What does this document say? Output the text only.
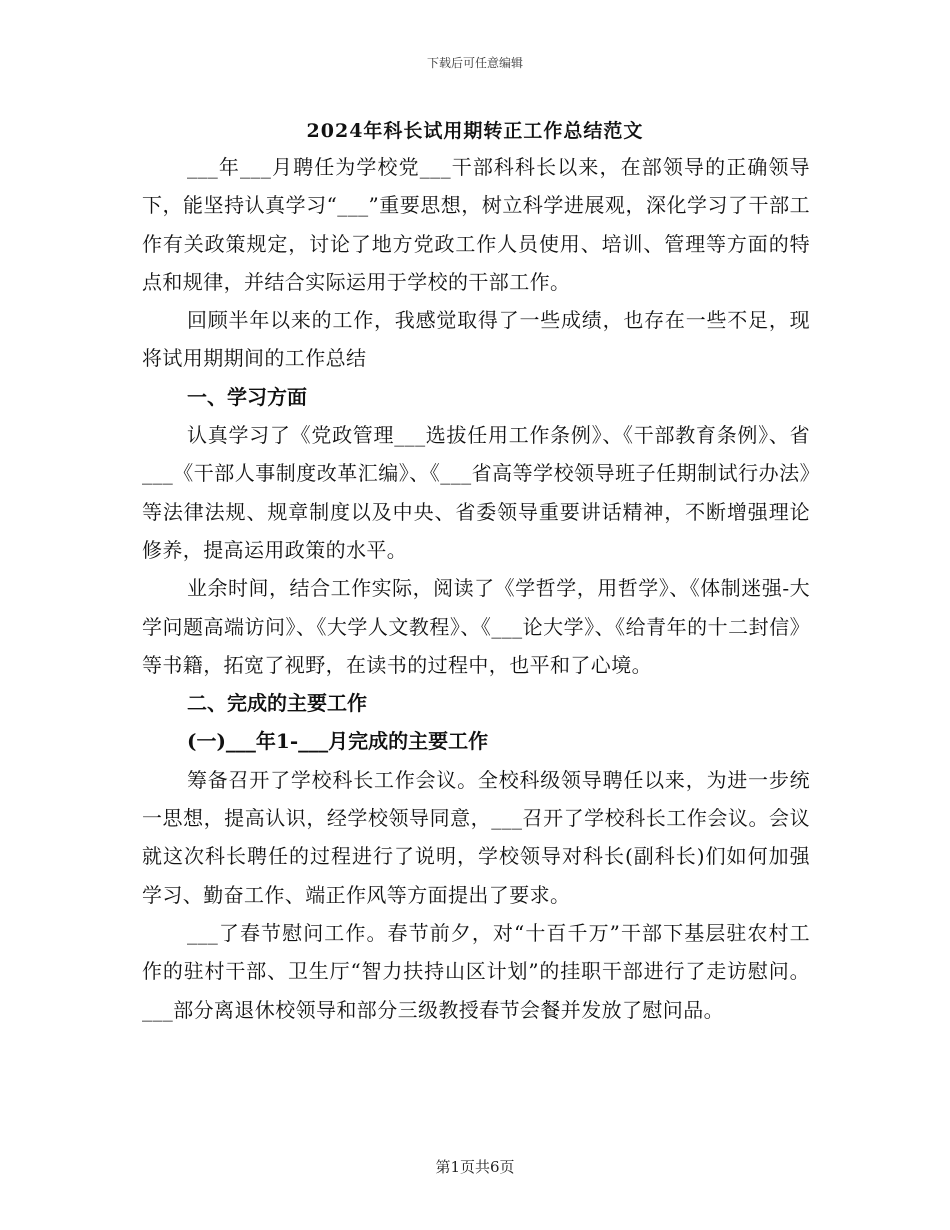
下载后可任意编辑
2024年科长试用期转正工作总结范文

___年___月聘任为学校党___干部科科长以来，在部领导的正确领导下，能坚持认真学习“___”重要思想，树立科学进展观，深化学习了干部工作有关政策规定，讨论了地方党政工作人员使用、培训、管理等方面的特点和规律，并结合实际运用于学校的干部工作。

回顾半年以来的工作，我感觉取得了一些成绩，也存在一些不足，现将试用期期间的工作总结

一、学习方面

认真学习了《党政管理___选拔任用工作条例》、《干部教育条例》、省___《干部人事制度改革汇编》、《___省高等学校领导班子任期制试行办法》等法律法规、规章制度以及中央、省委领导重要讲话精神，不断增强理论修养，提高运用政策的水平。

业余时间，结合工作实际，阅读了《学哲学，用哲学》、《体制迷强-大学问题高端访问》、《大学人文教程》、《___论大学》、《给青年的十二封信》等书籍，拓宽了视野，在读书的过程中，也平和了心境。

二、完成的主要工作

(一)___年1-___月完成的主要工作

筹备召开了学校科长工作会议。全校科级领导聘任以来，为进一步统一思想，提高认识，经学校领导同意，___召开了学校科长工作会议。会议就这次科长聘任的过程进行了说明，学校领导对科长(副科长)们如何加强学习、勤奋工作、端正作风等方面提出了要求。

___了春节慰问工作。春节前夕，对“十百千万”干部下基层驻农村工作的驻村干部、卫生厅“智力扶持山区计划”的挂职干部进行了走访慰问。___部分离退休校领导和部分三级教授春节会餐并发放了慰问品。

第1页共6页
